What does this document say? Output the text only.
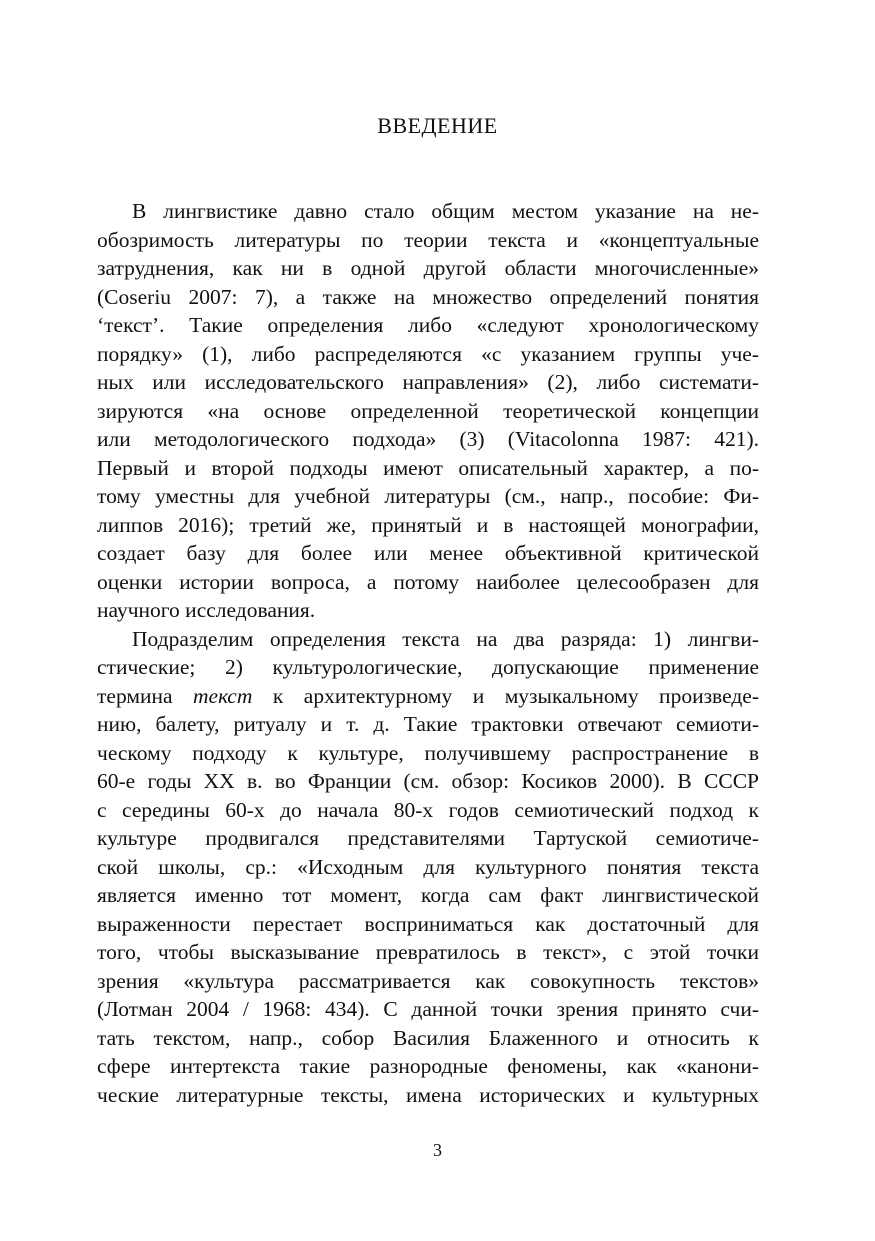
ВВЕДЕНИЕ
В лингвистике давно стало общим местом указание на не-
обозримость литературы по теории текста и «концептуальные
затруднения, как ни в одной другой области многочисленные»
(Coseriu 2007: 7), а также на множество определений понятия
‘текст’. Такие определения либо «следуют хронологическому
порядку» (1), либо распределяются «с указанием группы уче-
ных или исследовательского направления» (2), либо системати-
зируются «на основе определенной теоретической концепции
или методологического подхода» (3) (Vitacolonna 1987: 421).
Первый и второй подходы имеют описательный характер, а по-
тому уместны для учебной литературы (см., напр., пособие: Фи-
липпов 2016); третий же, принятый и в настоящей монографии,
создает базу для более или менее объективной критической
оценки истории вопроса, а потому наиболее целесообразен для
научного исследования.
Подразделим определения текста на два разряда: 1) лингви-
стические; 2) культурологические, допускающие применение
термина текст к архитектурному и музыкальному произведе-
нию, балету, ритуалу и т. д. Такие трактовки отвечают семиоти-
ческому подходу к культуре, получившему распространение в
60-е годы XX в. во Франции (см. обзор: Косиков 2000). В СССР
с середины 60-х до начала 80-х годов семиотический подход к
культуре продвигался представителями Тартуской семиотиче-
ской школы, ср.: «Исходным для культурного понятия текста
является именно тот момент, когда сам факт лингвистической
выраженности перестает восприниматься как достаточный для
того, чтобы высказывание превратилось в текст», с этой точки
зрения «культура рассматривается как совокупность текстов»
(Лотман 2004 / 1968: 434). С данной точки зрения принято счи-
тать текстом, напр., собор Василия Блаженного и относить к
сфере интертекста такие разнородные феномены, как «канони-
ческие литературные тексты, имена исторических и культурных
3
